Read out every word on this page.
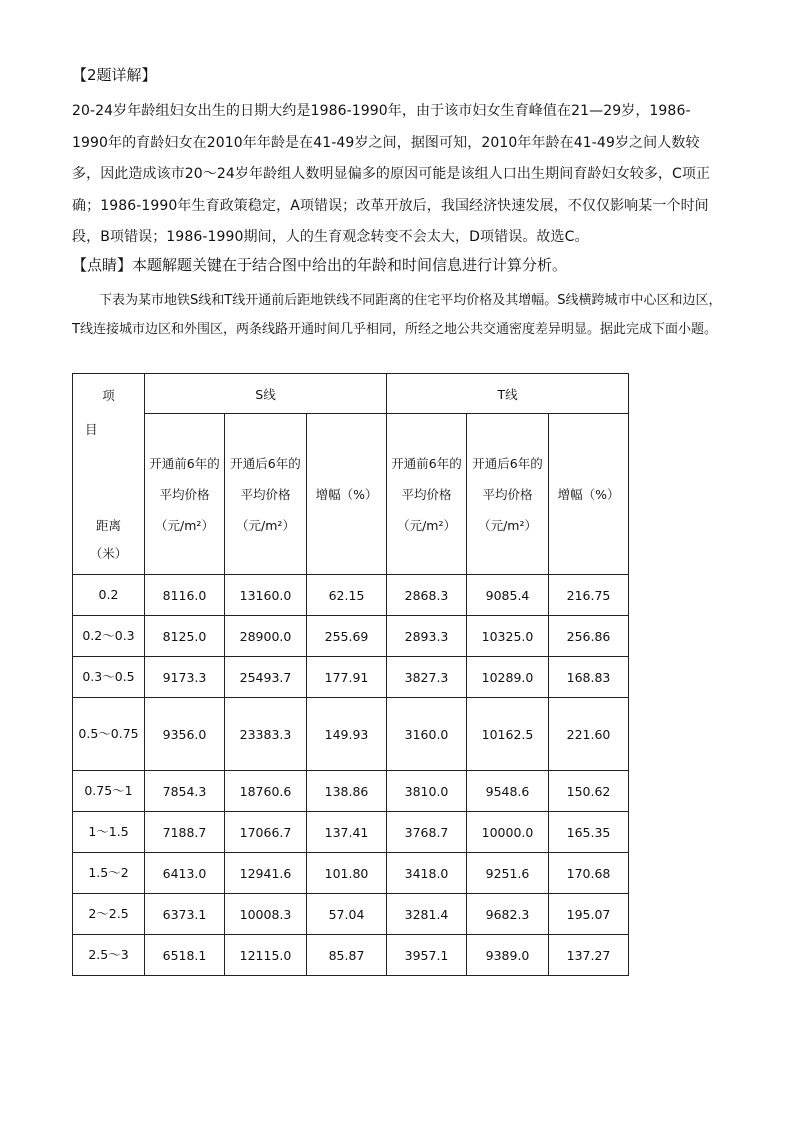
【2题详解】
20-24岁年龄组妇女出生的日期大约是1986-1990年，由于该市妇女生育峰值在21—29岁，1986-1990年的育龄妇女在2010年年龄是在41-49岁之间，据图可知，2010年年龄在41-49岁之间人数较多，因此造成该市20～24岁年龄组人数明显偏多的原因可能是该组人口出生期间育龄妇女较多，C项正确；1986-1990年生育政策稳定，A项错误；改革开放后，我国经济快速发展，不仅仅影响某一个时间段，B项错误；1986-1990期间，人的生育观念转变不会太大，D项错误。故选C。
【点睛】本题解题关键在于结合图中给出的年龄和时间信息进行计算分析。
下表为某市地铁S线和T线开通前后距地铁线不同距离的住宅平均价格及其增幅。S线横跨城市中心区和边区，T线连接城市边区和外围区，两条线路开通时间几乎相同，所经之地公共交通密度差异明显。据此完成下面小题。
项
目
距离
（米）	S线			T线		
	开通前6年的平均价格（元/m²）	开通后6年的平均价格（元/m²）	增幅（%）	开通前6年的平均价格（元/m²）	开通后6年的平均价格（元/m²）	增幅（%）
0.2	8116.0	13160.0	62.15	2868.3	9085.4	216.75
0.2～0.3	8125.0	28900.0	255.69	2893.3	10325.0	256.86
0.3～0.5	9173.3	25493.7	177.91	3827.3	10289.0	168.83
0.5～0.75	9356.0	23383.3	149.93	3160.0	10162.5	221.60
0.75～1	7854.3	18760.6	138.86	3810.0	9548.6	150.62
1～1.5	7188.7	17066.7	137.41	3768.7	10000.0	165.35
1.5～2	6413.0	12941.6	101.80	3418.0	9251.6	170.68
2～2.5	6373.1	10008.3	57.04	3281.4	9682.3	195.07
2.5～3	6518.1	12115.0	85.87	3957.1	9389.0	137.27
